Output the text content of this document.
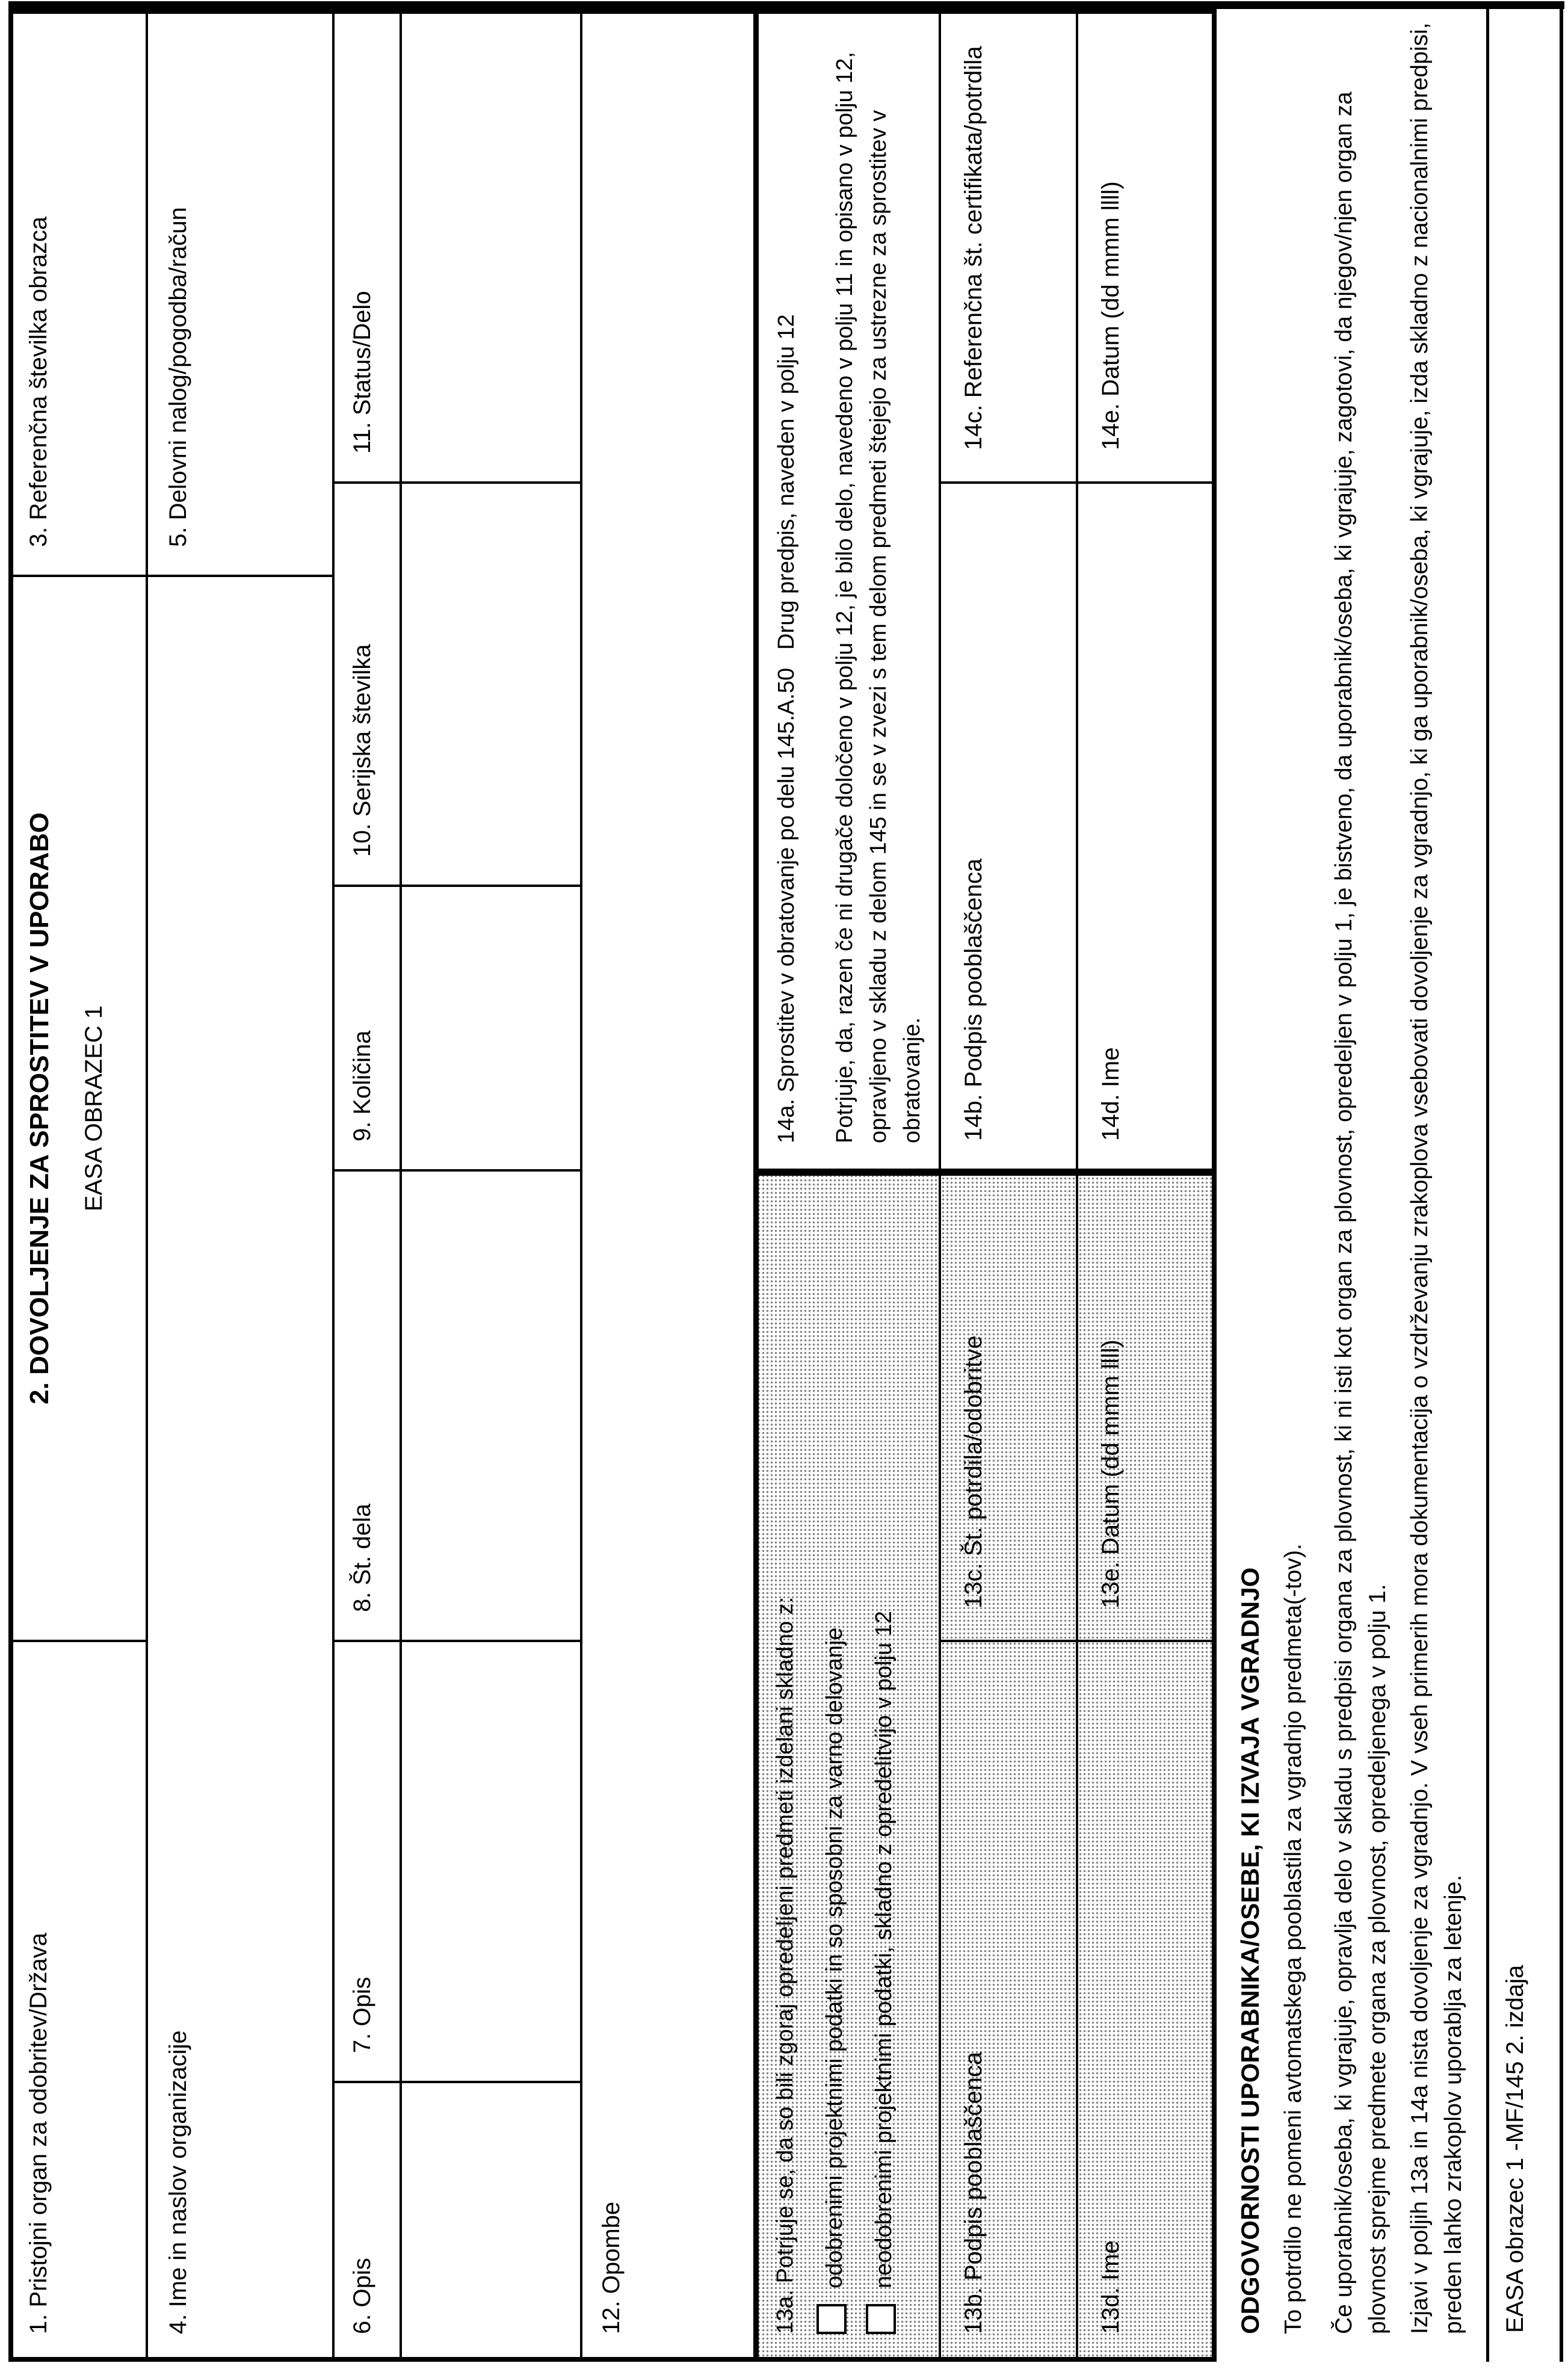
1. Pristojni organ za odobritev/Država
2. DOVOLJENJE ZA SPROSTITEV V UPORABO	EASA OBRAZEC 1
3. Referenčna številka obrazca
4. Ime in naslov organizacije
5. Delovni nalog/pogodba/račun
6. Opis
7. Opis
8. Št. dela
9. Količina
10. Serijska številka
11. Status/Delo
12. Opombe	13a. Potrjuje se, da so bili zgoraj opredeljeni predmeti izdelani skladno z: odobrenimi projektnimi podatki in so sposobni za varno delovanje neodobrenimi projektnimi podatki, skladno z opredelitvijo v polju 12
14a. Sprostitev v obratovanje po delu 145.A.50Drug predpis, naveden v polju 12 Potrjuje, da, razen če ni drugače določeno v polju 12, je bilo delo, navedeno v polju 11 in opisano v polju 12, opravljeno v skladu z delom 145 in se v zvezi s tem delom predmeti štejejo za ustrezne za sprostitev v obratovanje.
13b. Podpis pooblaščenca
13c. Št. potrdila/odobritve
14b. Podpis pooblaščenca
14c. Referenčna št. certifikata/potrdila
13d. Ime
13e. Datum (dd mmm llll)
14d. Ime
14e. Datum (dd mmm llll)
ODGOVORNOSTI UPORABNIKA/OSEBE, KI IZVAJA VGRADNJO To potrdilo ne pomeni avtomatskega pooblastila za vgradnjo predmeta(-tov). Če uporabnik/oseba, ki vgrajuje, opravlja delo v skladu s predpisi organa za plovnost, ki ni isti kot organ za plovnost, opredeljen v polju 1, je bistveno, da uporabnik/oseba, ki vgrajuje, zagotovi, da njegov/njen organ za plovnost sprejme predmete organa za plovnost, opredeljenega v polju 1. Izjavi v poljih 13a in 14a nista dovoljenje za vgradnjo. V vseh primerih mora dokumentacija o vzdrževanju zrakoplova vsebovati dovoljenje za vgradnjo, ki ga uporabnik/oseba, ki vgrajuje, izda skladno z nacionalnimi predpisi, preden lahko zrakoplov uporablja za letenje. EASA obrazec 1 -MF/145 2. izdaja
